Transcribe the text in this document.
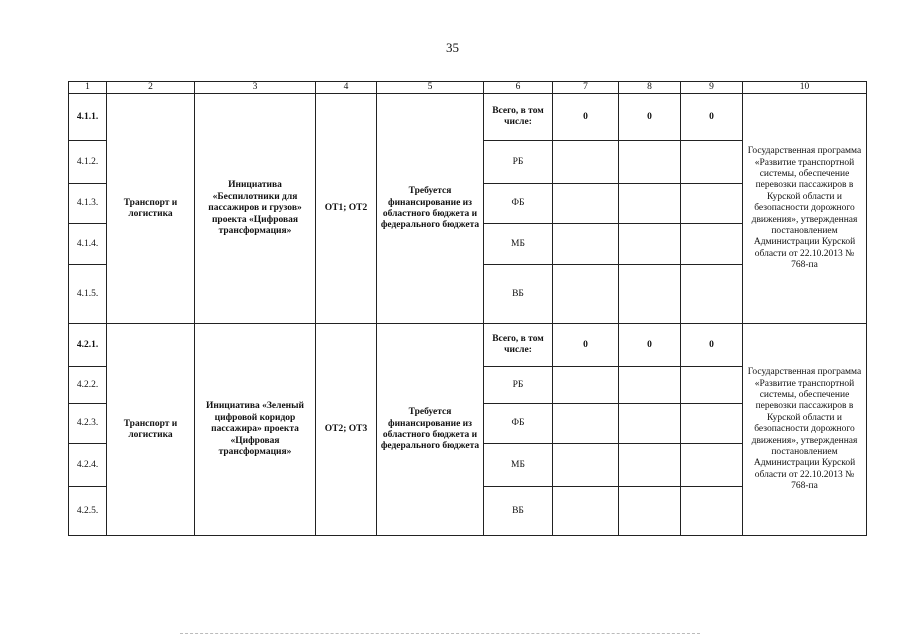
35
1	2	3	4	5	6	7	8	9	10
4.1.1.	Транспорт и логистика	Инициатива «Беспилотники для пассажиров и грузов» проекта «Цифровая трансформация»	ОТ1; ОТ2	Требуется финансирование из областного бюджета и федерального бюджета	Всего, в том числе:	0	0	0	Государственная программа «Развитие транспортной системы, обеспечение перевозки пассажиров в Курской области и безопасности дорожного движения», утвержденная постановлением Администрации Курской области от 22.10.2013 № 768-па
4.1.2.					РБ				
4.1.3.					ФБ				
4.1.4.					МБ				
4.1.5.					ВБ				
4.2.1.	Транспорт и логистика	Инициатива «Зеленый цифровой коридор пассажира» проекта «Цифровая трансформация»	ОТ2; ОТ3	Требуется финансирование из областного бюджета и федерального бюджета	Всего, в том числе:	0	0	0	Государственная программа «Развитие транспортной системы, обеспечение перевозки пассажиров в Курской области и безопасности дорожного движения», утвержденная постановлением Администрации Курской области от 22.10.2013 № 768-па
4.2.2.					РБ				
4.2.3.					ФБ				
4.2.4.					МБ				
4.2.5.					ВБ				
